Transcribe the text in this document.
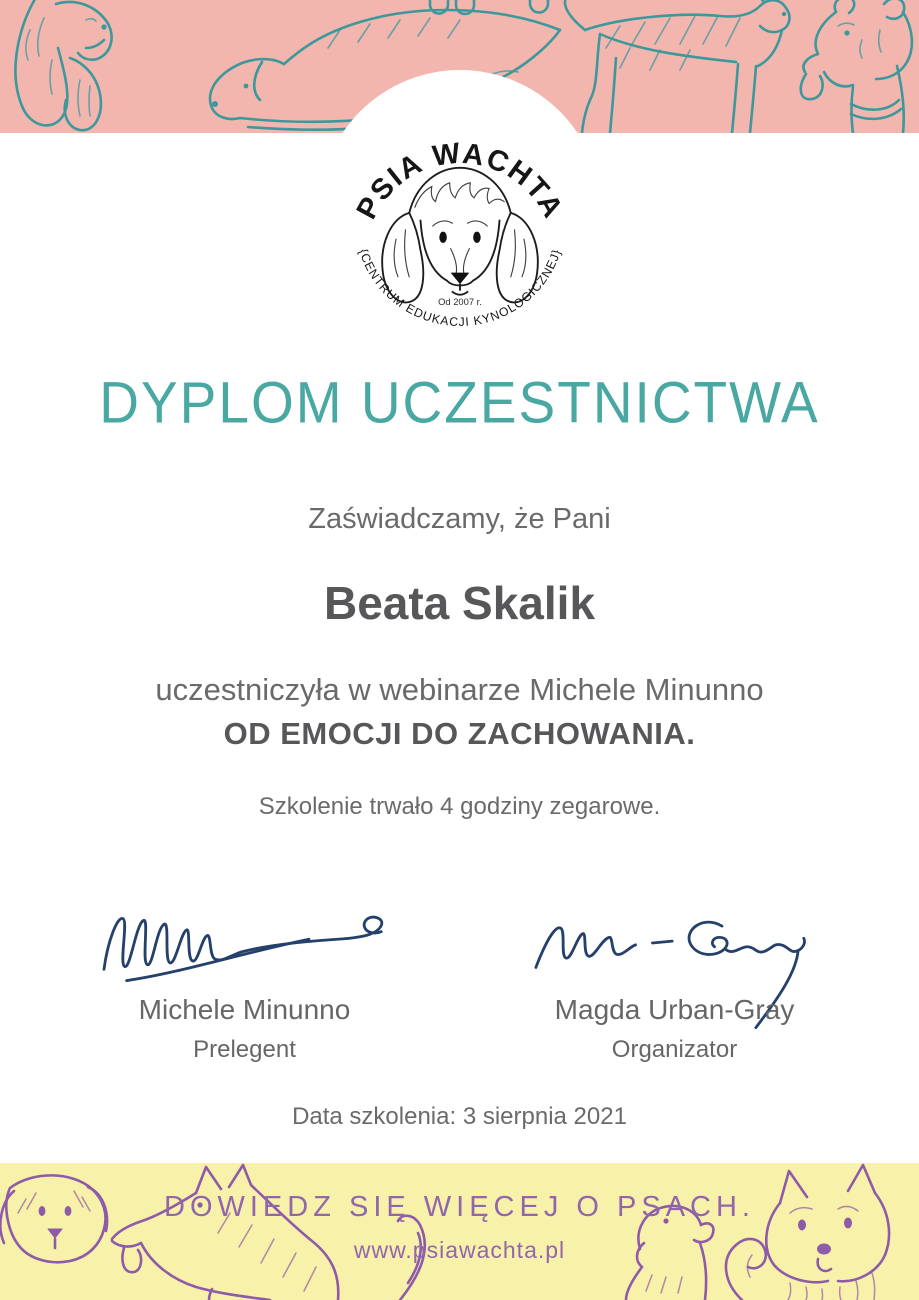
PSIA WACHTA
Od 2007 r.
{CENTRUM EDUKACJI KYNOLOGICZNEJ}
DYPLOM UCZESTNICTWA
Zaświadczamy, że Pani
Beata Skalik
uczestniczyła w webinarze Michele Minunno
OD EMOCJI DO ZACHOWANIA.
Szkolenie trwało 4 godziny zegarowe.
Michele Minunno
Prelegent
Magda Urban-Gray
Organizator
Data szkolenia: 3 sierpnia 2021
DOWIEDZ SIĘ WIĘCEJ O PSACH.
www.psiawachta.pl
